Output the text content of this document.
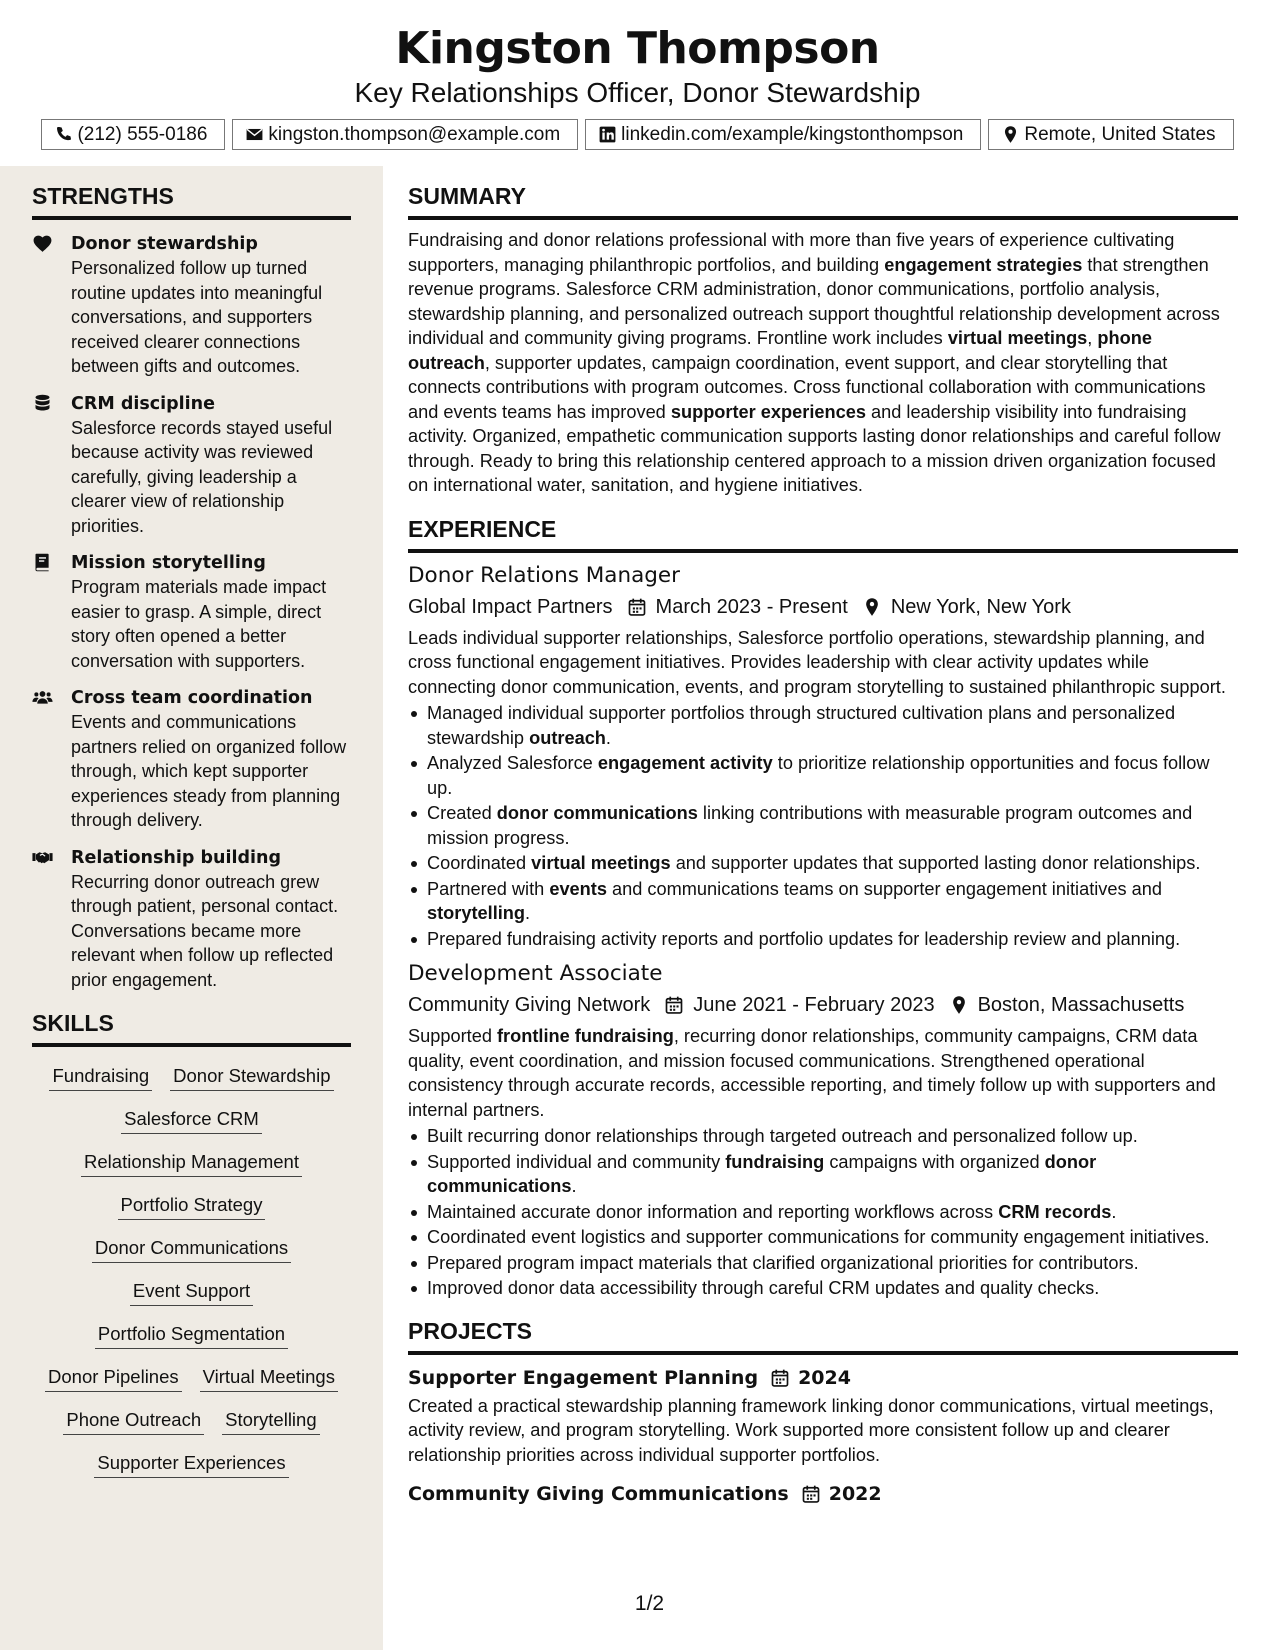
Kingston Thompson
Key Relationships Officer, Donor Stewardship
(212) 555-0186	kingston.thompson@example.com	linkedin.com/example/kingstonthompson	Remote, United States
STRENGTHS
Donor stewardship

Personalized follow up turned routine updates into meaningful conversations, and supporters received clearer connections between gifts and outcomes.

CRM discipline

Salesforce records stayed useful because activity was reviewed carefully, giving leadership a clearer view of relationship priorities.

Mission storytelling

Program materials made impact easier to grasp. A simple, direct story often opened a better conversation with supporters.

Cross team coordination

Events and communications partners relied on organized follow through, which kept supporter experiences steady from planning through delivery.

Relationship building

Recurring donor outreach grew through patient, personal contact. Conversations became more relevant when follow up reflected prior engagement.

SKILLS
Fundraising Donor Stewardship
Salesforce CRM
Relationship Management
Portfolio Strategy
Donor Communications
Event Support
Portfolio Segmentation
Donor Pipelines Virtual Meetings
Phone Outreach Storytelling
Supporter Experiences
SUMMARY

Fundraising and donor relations professional with more than five years of experience cultivating supporters, managing philanthropic portfolios, and building engagement strategies that strengthen revenue programs. Salesforce CRM administration, donor communications, portfolio analysis, stewardship planning, and personalized outreach support thoughtful relationship development across individual and community giving programs. Frontline work includes virtual meetings, phone outreach, supporter updates, campaign coordination, event support, and clear storytelling that connects contributions with program outcomes. Cross functional collaboration with communications and events teams has improved supporter experiences and leadership visibility into fundraising activity. Organized, empathetic communication supports lasting donor relationships and careful follow through. Ready to bring this relationship centered approach to a mission driven organization focused on international water, sanitation, and hygiene initiatives.

EXPERIENCE
Donor Relations Manager
Global Impact Partners March 2023 - Present New York, New York

Leads individual supporter relationships, Salesforce portfolio operations, stewardship planning, and cross functional engagement initiatives. Provides leadership with clear activity updates while connecting donor communication, events, and program storytelling to sustained philanthropic support.

Managed individual supporter portfolios through structured cultivation plans and personalized stewardship outreach.
Analyzed Salesforce engagement activity to prioritize relationship opportunities and focus follow up.
Created donor communications linking contributions with measurable program outcomes and mission progress.
Coordinated virtual meetings and supporter updates that supported lasting donor relationships.
Partnered with events and communications teams on supporter engagement initiatives and storytelling.
Prepared fundraising activity reports and portfolio updates for leadership review and planning.
Development Associate
Community Giving Network June 2021 - February 2023 Boston, Massachusetts

Supported frontline fundraising, recurring donor relationships, community campaigns, CRM data quality, event coordination, and mission focused communications. Strengthened operational consistency through accurate records, accessible reporting, and timely follow up with supporters and internal partners.

Built recurring donor relationships through targeted outreach and personalized follow up.
Supported individual and community fundraising campaigns with organized donor communications.
Maintained accurate donor information and reporting workflows across CRM records.
Coordinated event logistics and supporter communications for community engagement initiatives.
Prepared program impact materials that clarified organizational priorities for contributors.
Improved donor data accessibility through careful CRM updates and quality checks.
PROJECTS
Supporter Engagement Planning 2024

Created a practical stewardship planning framework linking donor communications, virtual meetings, activity review, and program storytelling. Work supported more consistent follow up and clearer relationship priorities across individual supporter portfolios.

Community Giving Communications 2022
1/2
